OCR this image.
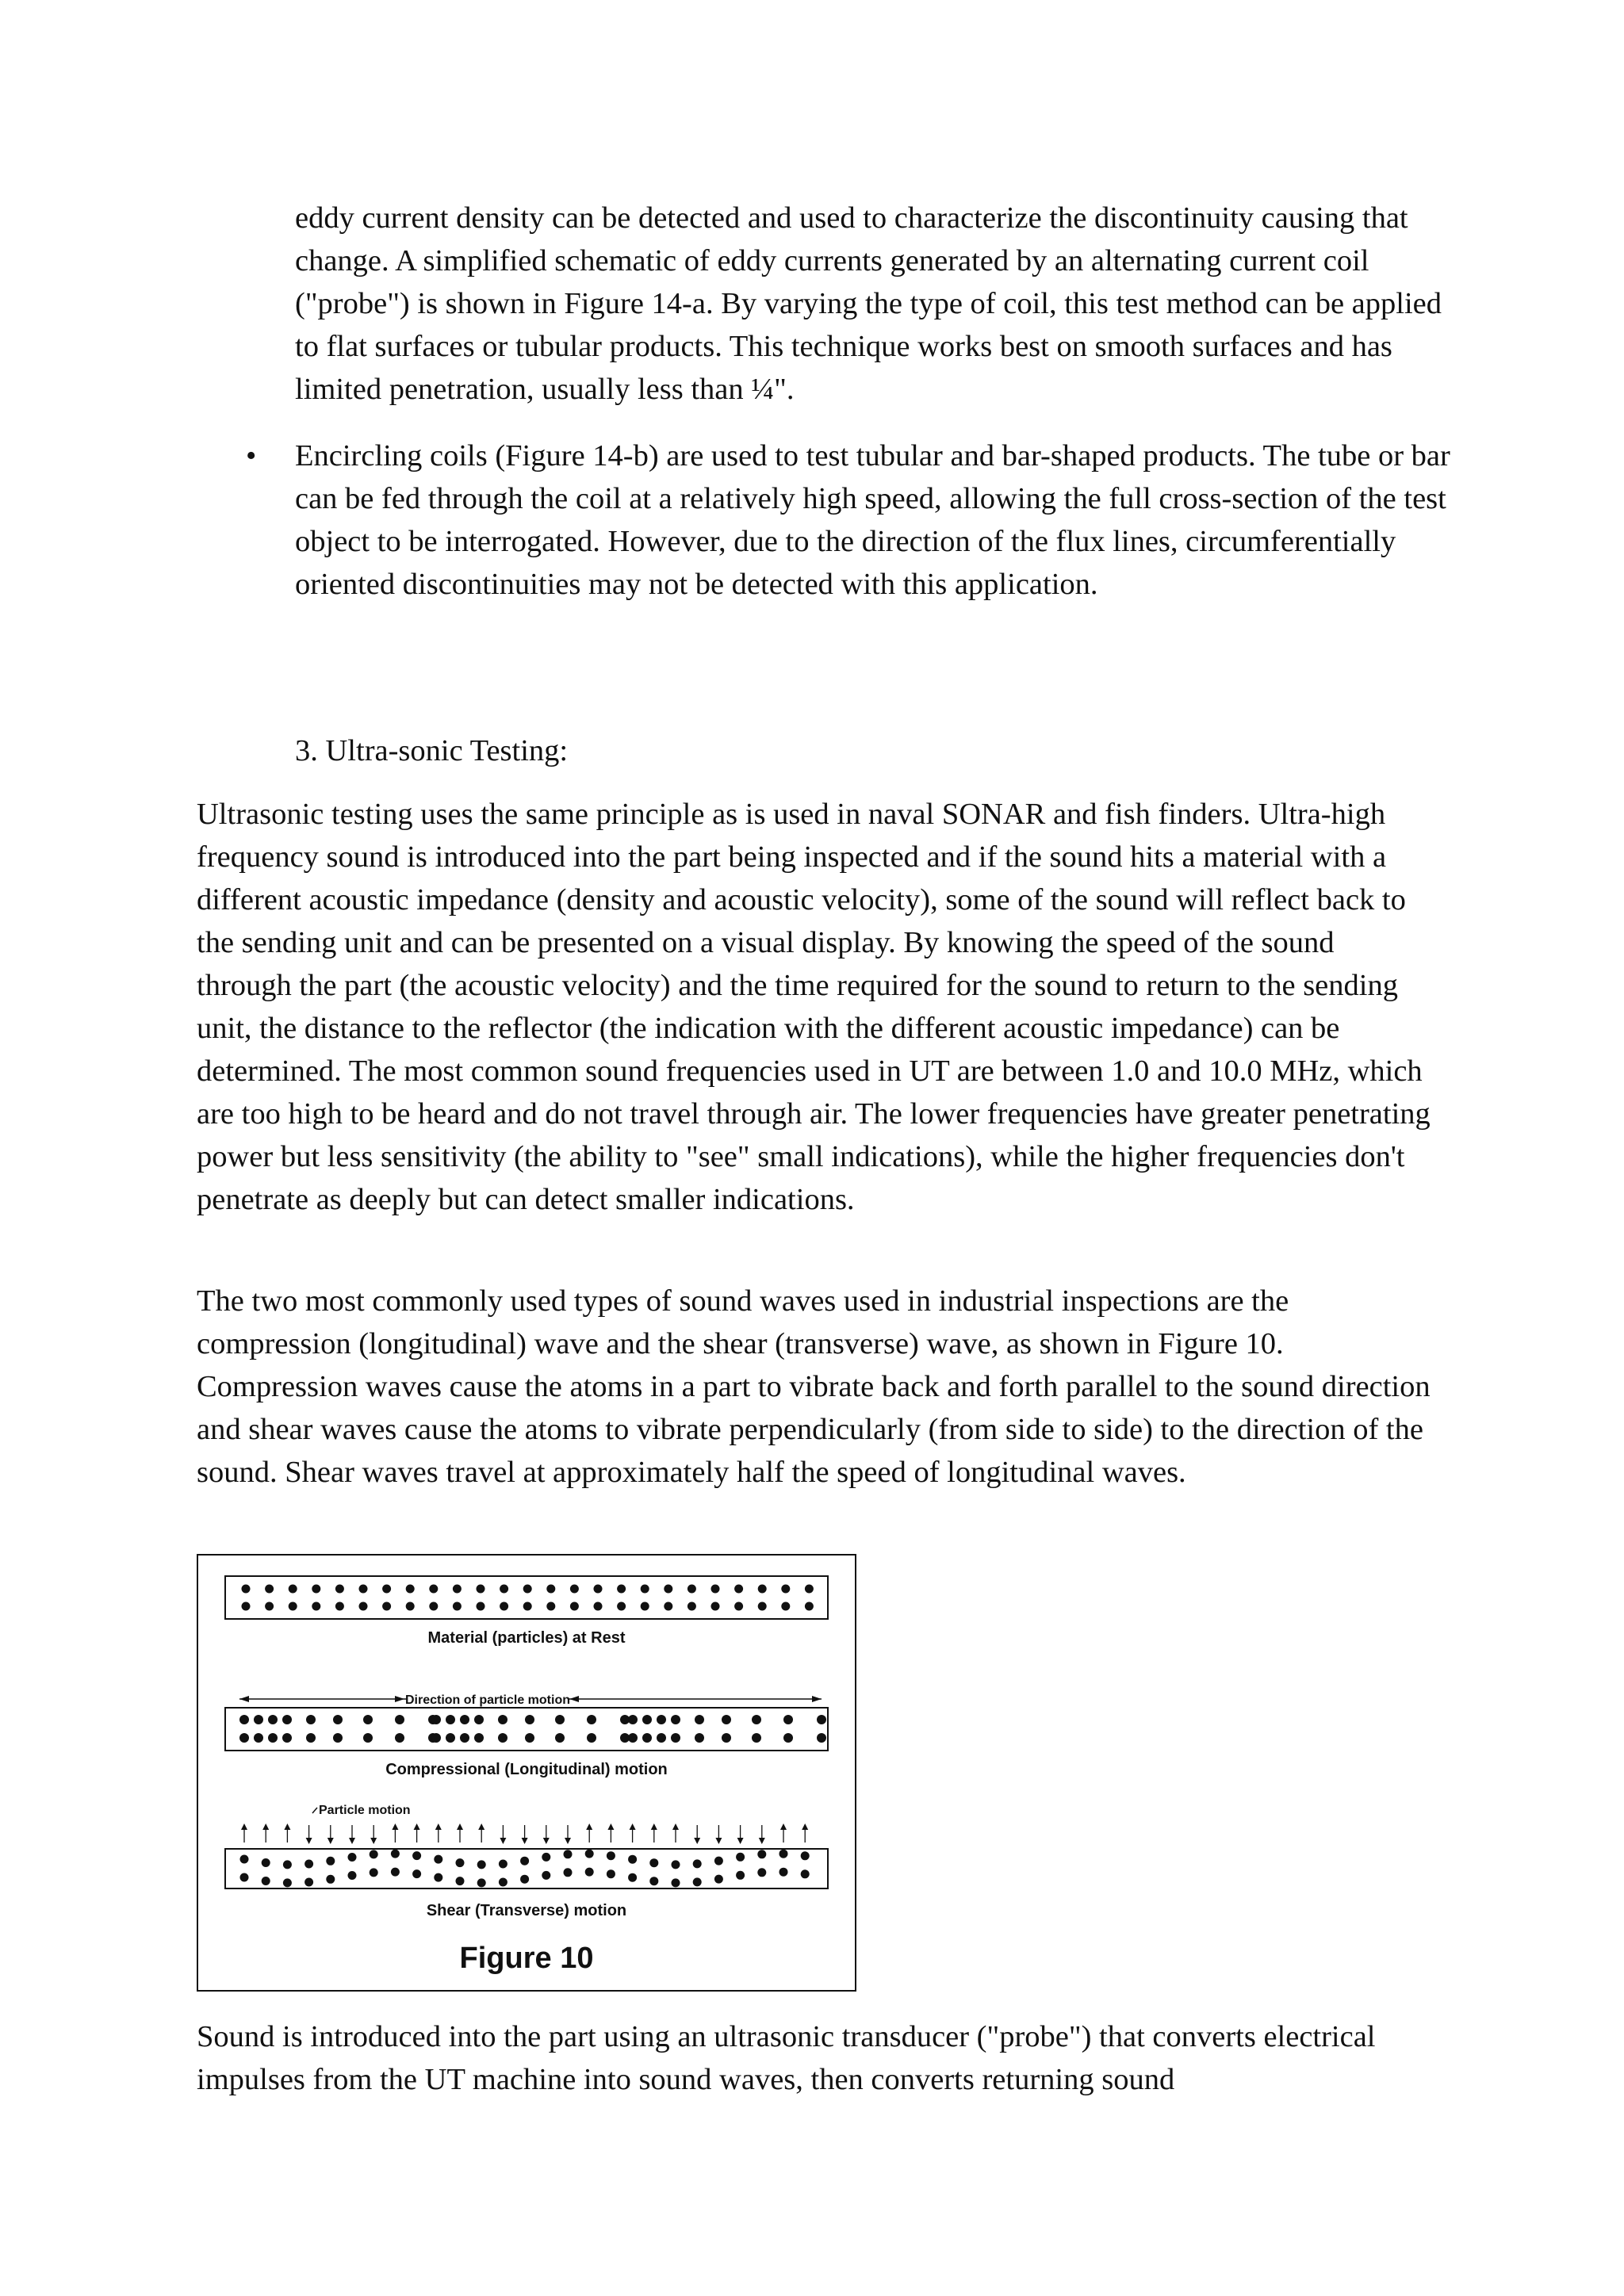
eddy current density can be detected and used to characterize the discontinuity causing that change. A simplified schematic of eddy currents generated by an alternating current coil ("probe") is shown in Figure 14-a. By varying the type of coil, this test method can be applied to flat surfaces or tubular products. This technique works best on smooth surfaces and has limited penetration, usually less than ¼".

• Encircling coils (Figure 14-b) are used to test tubular and bar-shaped products. The tube or bar can be fed through the coil at a relatively high speed, allowing the full cross-section of the test object to be interrogated. However, due to the direction of the flux lines, circumferentially oriented discontinuities may not be detected with this application.

3. Ultra-sonic Testing:

Ultrasonic testing uses the same principle as is used in naval SONAR and fish finders. Ultra-high frequency sound is introduced into the part being inspected and if the sound hits a material with a different acoustic impedance (density and acoustic velocity), some of the sound will reflect back to the sending unit and can be presented on a visual display. By knowing the speed of the sound through the part (the acoustic velocity) and the time required for the sound to return to the sending unit, the distance to the reflector (the indication with the different acoustic impedance) can be determined. The most common sound frequencies used in UT are between 1.0 and 10.0 MHz, which are too high to be heard and do not travel through air. The lower frequencies have greater penetrating power but less sensitivity (the ability to "see" small indications), while the higher frequencies don't penetrate as deeply but can detect smaller indications.

The two most commonly used types of sound waves used in industrial inspections are the compression (longitudinal) wave and the shear (transverse) wave, as shown in Figure 10. Compression waves cause the atoms in a part to vibrate back and forth parallel to the sound direction and shear waves cause the atoms to vibrate perpendicularly (from side to side) to the direction of the sound. Shear waves travel at approximately half the speed of longitudinal waves.

Material (particles) at Rest
Direction of particle motion
Compressional (Longitudinal) motion
Particle motion
Shear (Transverse) motion
Figure 10

Sound is introduced into the part using an ultrasonic transducer ("probe") that converts electrical impulses from the UT machine into sound waves, then converts returning sound
